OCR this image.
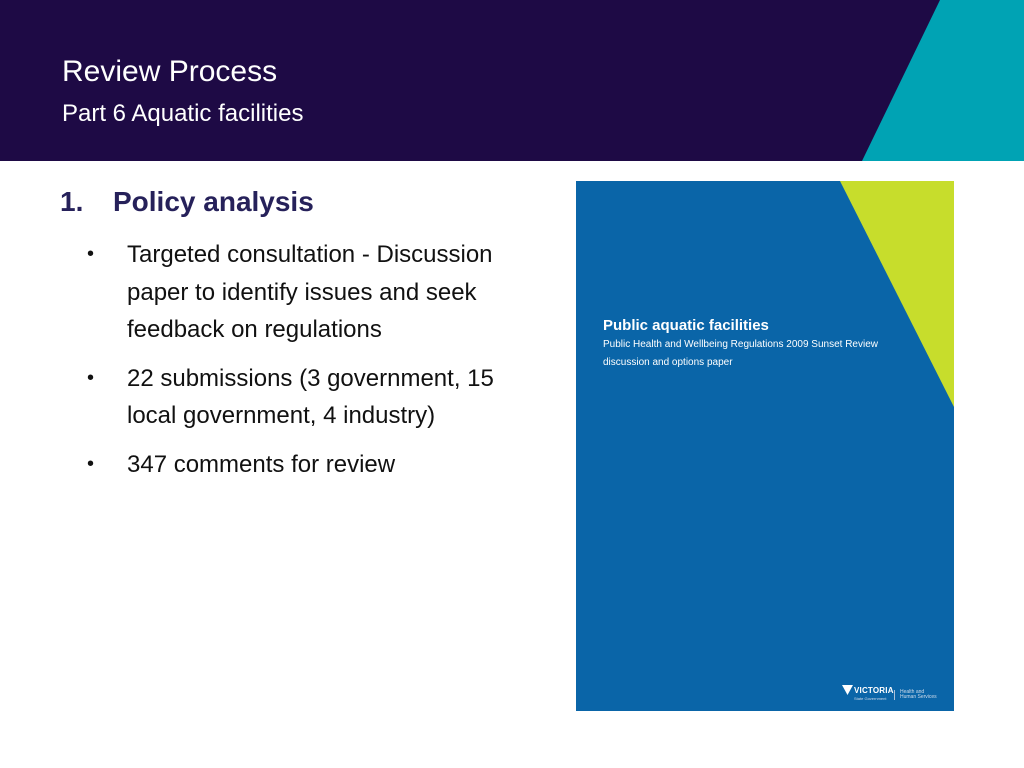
Review Process
Part 6 Aquatic facilities
1. Policy analysis
•	Targeted consultation - Discussion paper to identify issues and seek feedback on regulations
•	22 submissions (3 government, 15 local government, 4 industry)
•	347 comments for review
Public aquatic facilities
Public Health and Wellbeing Regulations 2009 Sunset Review
discussion and options paper
VICTORIA
State Government
Health and Human Services
